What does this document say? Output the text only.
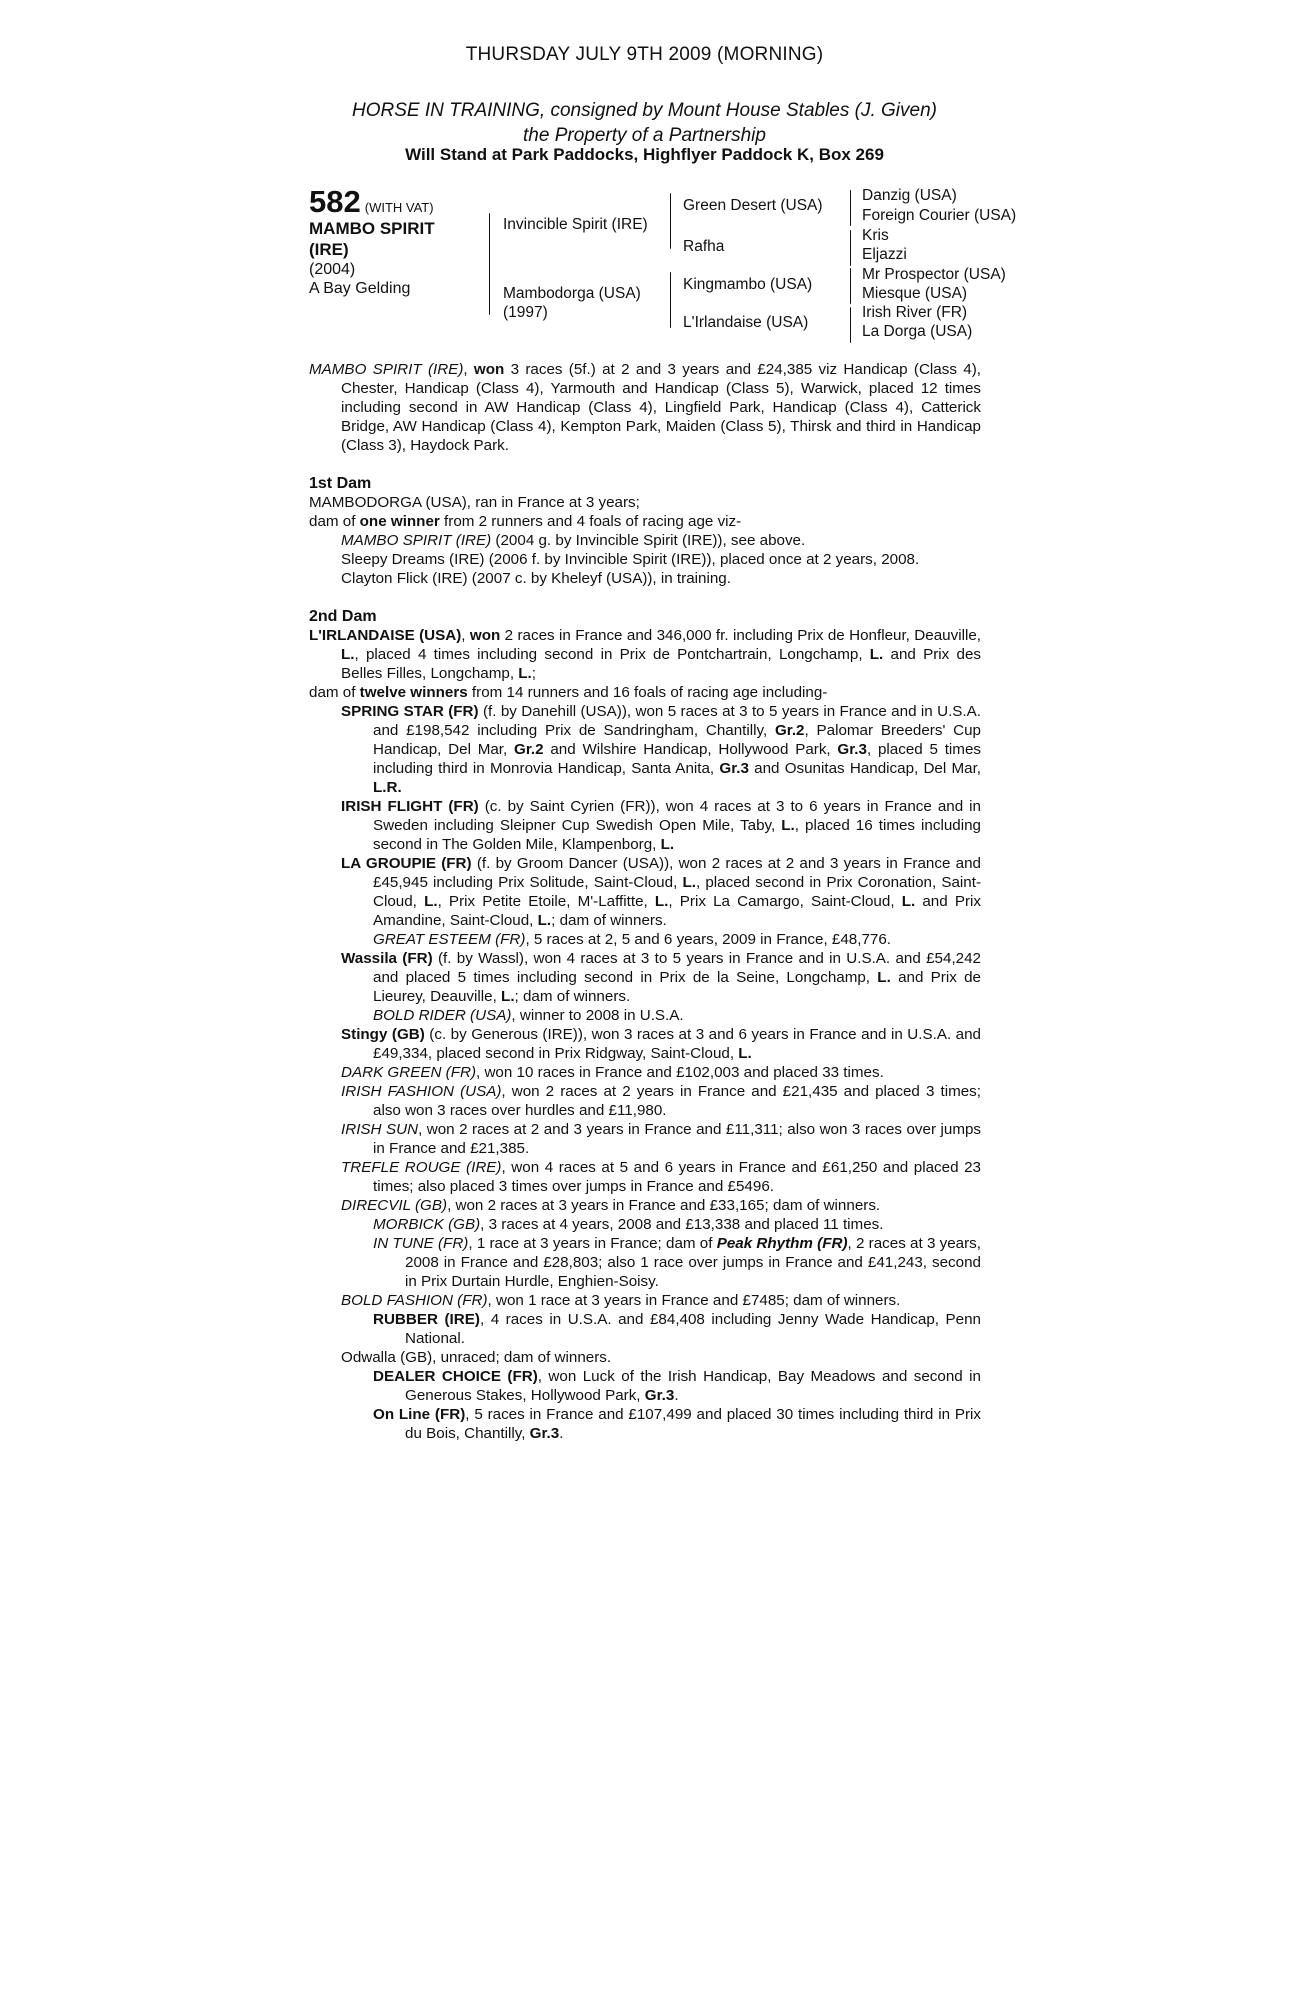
THURSDAY JULY 9TH 2009 (MORNING)
HORSE IN TRAINING, consigned by Mount House Stables (J. Given)
the Property of a Partnership
Will Stand at Park Paddocks, Highflyer Paddock K, Box 269
582 (WITH VAT)
MAMBO SPIRIT
(IRE)
(2004)
A Bay Gelding
Invincible Spirit (IRE)
Mambodorga (USA)
(1997)
Green Desert (USA)
Rafha
Kingmambo (USA)
L'Irlandaise (USA)
Danzig (USA)
Foreign Courier (USA)
Kris
Eljazzi
Mr Prospector (USA)
Miesque (USA)
Irish River (FR)
La Dorga (USA)

MAMBO SPIRIT (IRE), won 3 races (5f.) at 2 and 3 years and £24,385 viz Handicap (Class 4), Chester, Handicap (Class 4), Yarmouth and Handicap (Class 5), Warwick, placed 12 times including second in AW Handicap (Class 4), Lingfield Park, Handicap (Class 4), Catterick Bridge, AW Handicap (Class 4), Kempton Park, Maiden (Class 5), Thirsk and third in Handicap (Class 3), Haydock Park.

1st Dam

MAMBODORGA (USA), ran in France at 3 years;

dam of one winner from 2 runners and 4 foals of racing age viz-

MAMBO SPIRIT (IRE) (2004 g. by Invincible Spirit (IRE)), see above.

Sleepy Dreams (IRE) (2006 f. by Invincible Spirit (IRE)), placed once at 2 years, 2008.

Clayton Flick (IRE) (2007 c. by Kheleyf (USA)), in training.

2nd Dam

L'IRLANDAISE (USA), won 2 races in France and 346,000 fr. including Prix de Honfleur, Deauville, L., placed 4 times including second in Prix de Pontchartrain, Longchamp, L. and Prix des Belles Filles, Longchamp, L.;

dam of twelve winners from 14 runners and 16 foals of racing age including-

SPRING STAR (FR) (f. by Danehill (USA)), won 5 races at 3 to 5 years in France and in U.S.A. and £198,542 including Prix de Sandringham, Chantilly, Gr.2, Palomar Breeders' Cup Handicap, Del Mar, Gr.2 and Wilshire Handicap, Hollywood Park, Gr.3, placed 5 times including third in Monrovia Handicap, Santa Anita, Gr.3 and Osunitas Handicap, Del Mar, L.R.

IRISH FLIGHT (FR) (c. by Saint Cyrien (FR)), won 4 races at 3 to 6 years in France and in Sweden including Sleipner Cup Swedish Open Mile, Taby, L., placed 16 times including second in The Golden Mile, Klampenborg, L.

LA GROUPIE (FR) (f. by Groom Dancer (USA)), won 2 races at 2 and 3 years in France and £45,945 including Prix Solitude, Saint-Cloud, L., placed second in Prix Coronation, Saint-Cloud, L., Prix Petite Etoile, M'-Laffitte, L., Prix La Camargo, Saint-Cloud, L. and Prix Amandine, Saint-Cloud, L.; dam of winners.

GREAT ESTEEM (FR), 5 races at 2, 5 and 6 years, 2009 in France, £48,776.

Wassila (FR) (f. by Wassl), won 4 races at 3 to 5 years in France and in U.S.A. and £54,242 and placed 5 times including second in Prix de la Seine, Longchamp, L. and Prix de Lieurey, Deauville, L.; dam of winners.

BOLD RIDER (USA), winner to 2008 in U.S.A.

Stingy (GB) (c. by Generous (IRE)), won 3 races at 3 and 6 years in France and in U.S.A. and £49,334, placed second in Prix Ridgway, Saint-Cloud, L.

DARK GREEN (FR), won 10 races in France and £102,003 and placed 33 times.

IRISH FASHION (USA), won 2 races at 2 years in France and £21,435 and placed 3 times; also won 3 races over hurdles and £11,980.

IRISH SUN, won 2 races at 2 and 3 years in France and £11,311; also won 3 races over jumps in France and £21,385.

TREFLE ROUGE (IRE), won 4 races at 5 and 6 years in France and £61,250 and placed 23 times; also placed 3 times over jumps in France and £5496.

DIRECVIL (GB), won 2 races at 3 years in France and £33,165; dam of winners.

MORBICK (GB), 3 races at 4 years, 2008 and £13,338 and placed 11 times.

IN TUNE (FR), 1 race at 3 years in France; dam of Peak Rhythm (FR), 2 races at 3 years, 2008 in France and £28,803; also 1 race over jumps in France and £41,243, second in Prix Durtain Hurdle, Enghien-Soisy.

BOLD FASHION (FR), won 1 race at 3 years in France and £7485; dam of winners.

RUBBER (IRE), 4 races in U.S.A. and £84,408 including Jenny Wade Handicap, Penn National.

Odwalla (GB), unraced; dam of winners.

DEALER CHOICE (FR), won Luck of the Irish Handicap, Bay Meadows and second in Generous Stakes, Hollywood Park, Gr.3.

On Line (FR), 5 races in France and £107,499 and placed 30 times including third in Prix du Bois, Chantilly, Gr.3.
